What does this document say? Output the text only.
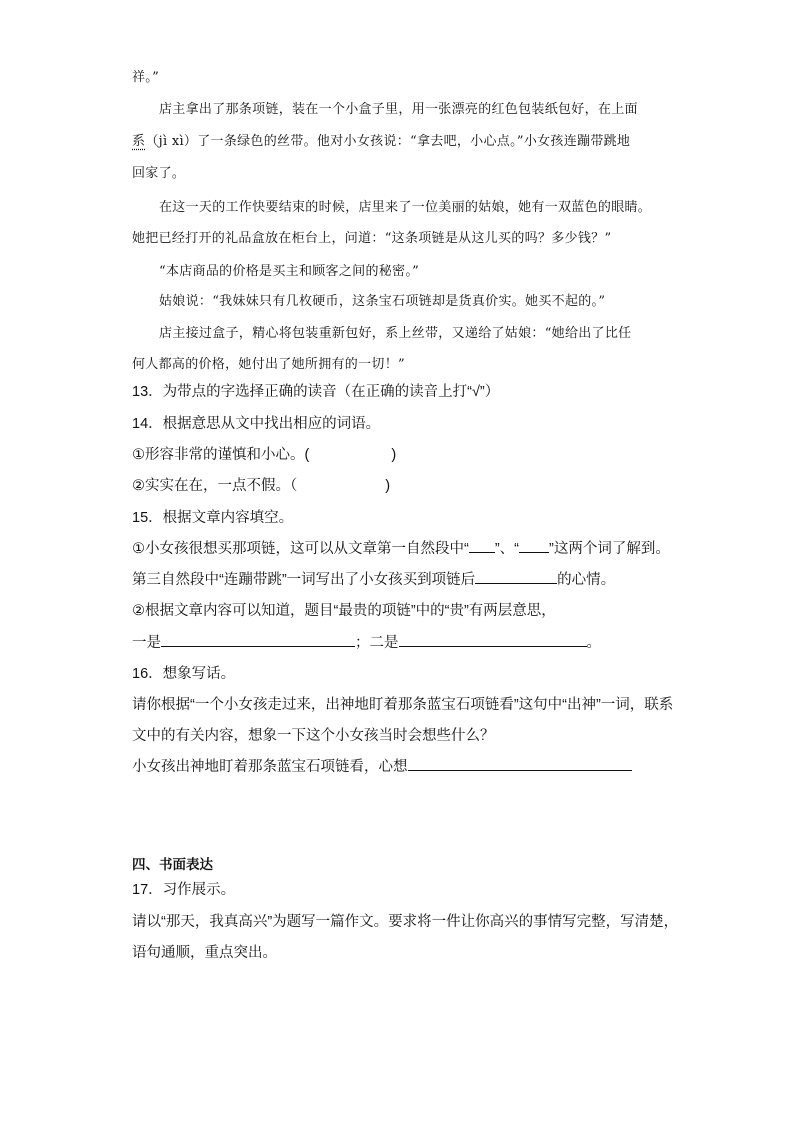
祥。”
店主拿出了那条项链，装在一个小盒子里，用一张漂亮的红色包装纸包好，在上面
系（jì xì）了一条绿色的丝带。他对小女孩说：“拿去吧，小心点。”小女孩连蹦带跳地
回家了。
在这一天的工作快要结束的时候，店里来了一位美丽的姑娘，她有一双蓝色的眼睛。
她把已经打开的礼品盒放在柜台上，问道：“这条项链是从这儿买的吗？多少钱？”
“本店商品的价格是买主和顾客之间的秘密。”
姑娘说：“我妹妹只有几枚硬币，这条宝石项链却是货真价实。她买不起的。”
店主接过盒子，精心将包装重新包好，系上丝带，又递给了姑娘：“她给出了比任
何人都高的价格，她付出了她所拥有的一切！”
13．为带点的字选择正确的读音（在正确的读音上打“√”）
14．根据意思从文中找出相应的词语。
①形容非常的谨慎和小心。(	)
②实实在在，一点不假。（	)
15．根据文章内容填空。
①小女孩很想买那项链，这可以从文章第一自然段中“ ”、“ ”这两个词了解到。
第三自然段中“连蹦带跳”一词写出了小女孩买到项链后	的心情。
②根据文章内容可以知道，题目“最贵的项链”中的“贵”有两层意思，
一是	；二是	。
16．想象写话。
请你根据“一个小女孩走过来，出神地盯着那条蓝宝石项链看”这句中“出神”一词，联系
文中的有关内容，想象一下这个小女孩当时会想些什么？
小女孩出神地盯着那条蓝宝石项链看，心想
四、书面表达
17．习作展示。
请以“那天，我真高兴”为题写一篇作文。要求将一件让你高兴的事情写完整，写清楚，
语句通顺，重点突出。
